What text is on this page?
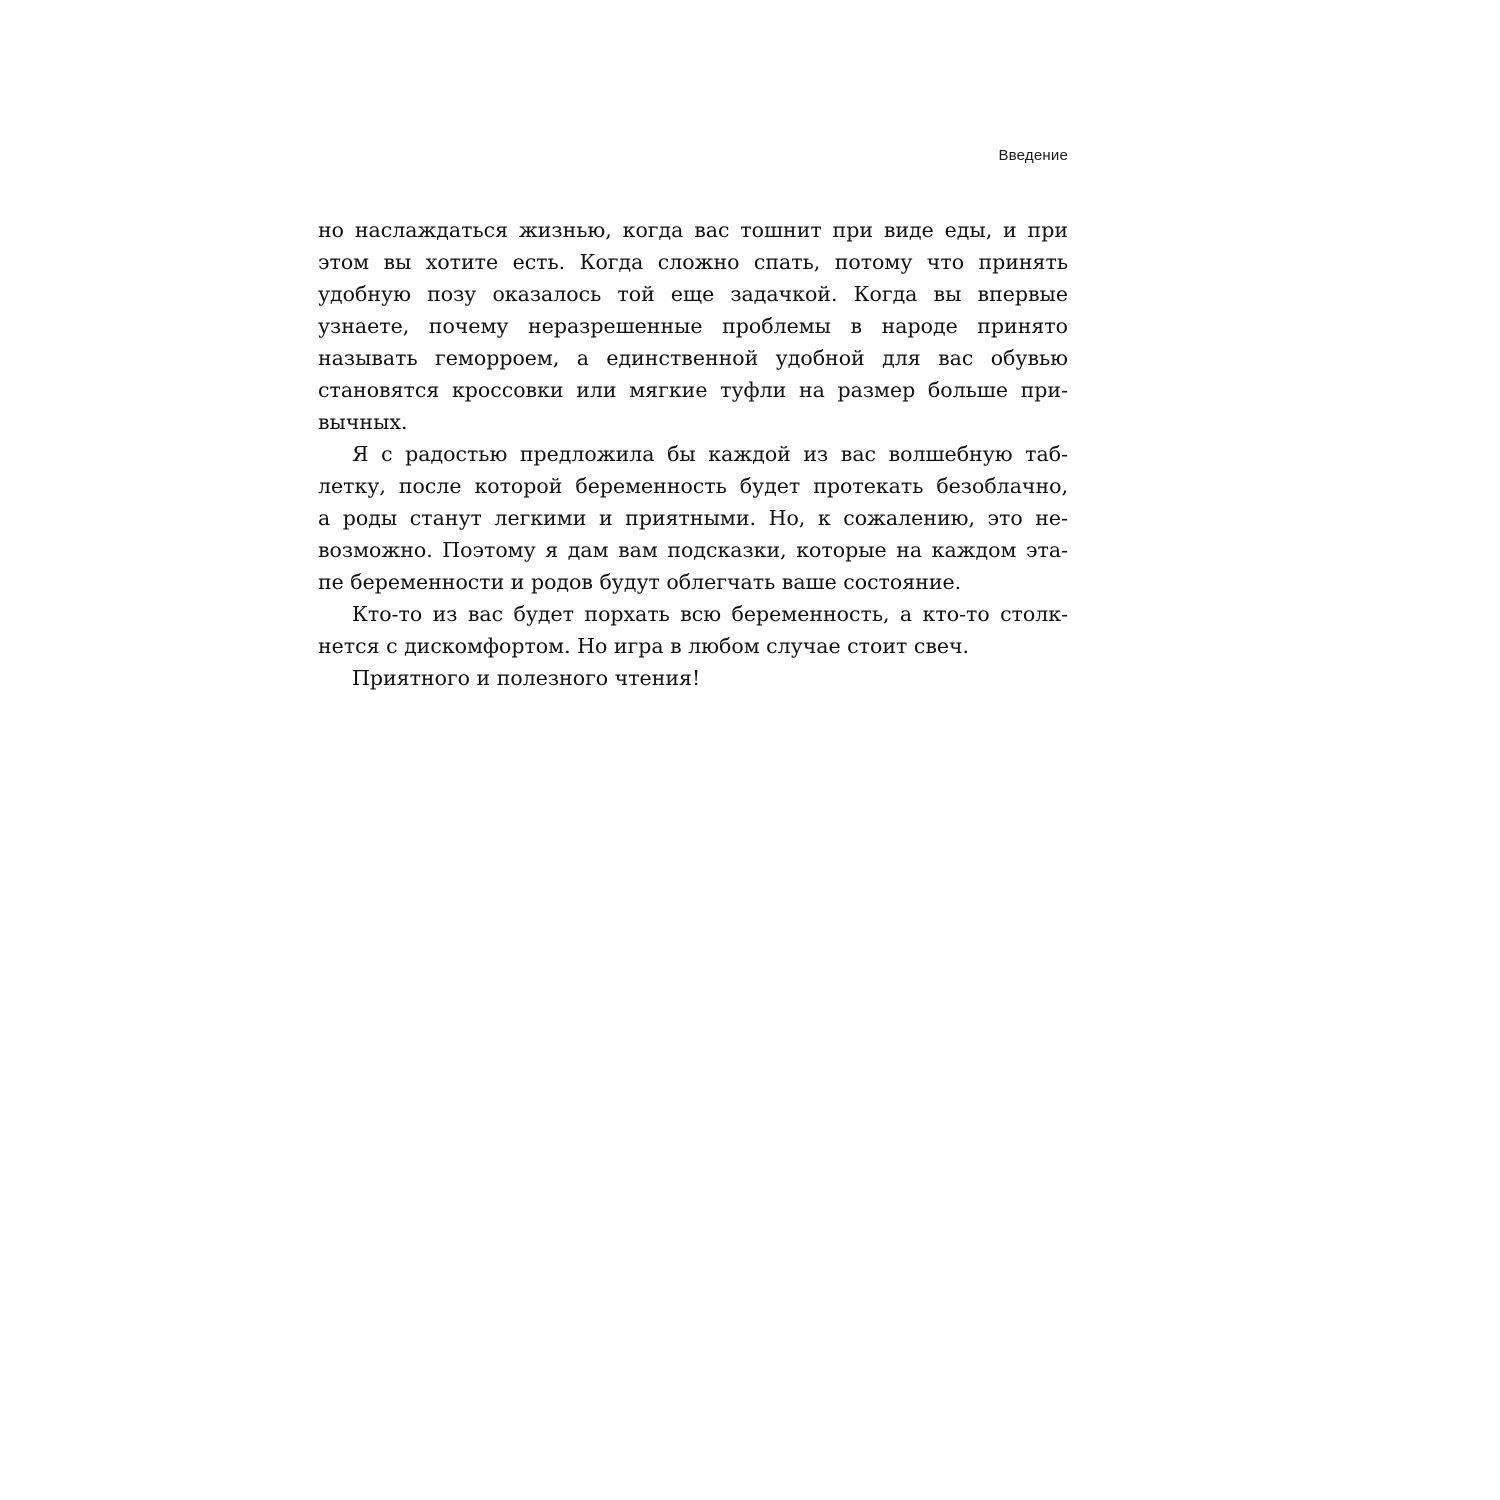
Введение
но наслаждаться жизнью, когда вас тошнит при виде еды, и при
этом вы хотите есть. Когда сложно спать, потому что принять
удобную позу оказалось той еще задачкой. Когда вы впервые
узнаете, почему неразрешенные проблемы в народе принято
называть геморроем, а единственной удобной для вас обувью
становятся кроссовки или мягкие туфли на размер больше при-
вычных.
Я с радостью предложила бы каждой из вас волшебную таб-
летку, после которой беременность будет протекать безоблачно,
а роды станут легкими и приятными. Но, к сожалению, это не-
возможно. Поэтому я дам вам подсказки, которые на каждом эта-
пе беременности и родов будут облегчать ваше состояние.
Кто-то из вас будет порхать всю беременность, а кто-то столк-
нется с дискомфортом. Но игра в любом случае стоит свеч.
Приятного и полезного чтения!
